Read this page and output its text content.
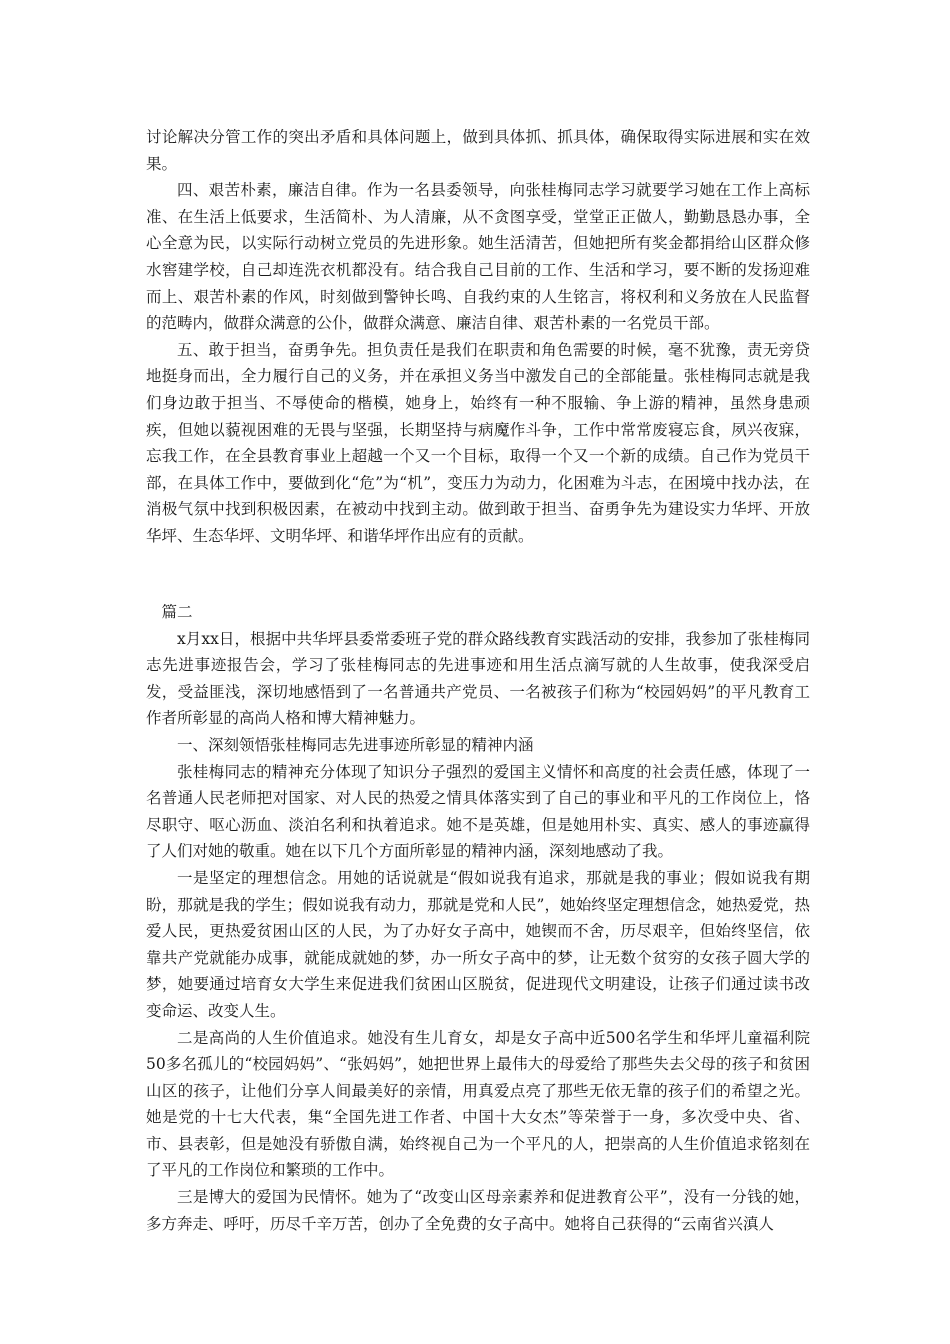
讨论解决分管工作的突出矛盾和具体问题上，做到具体抓、抓具体，确保取得实际进展和实在效果。

四、艰苦朴素，廉洁自律。作为一名县委领导，向张桂梅同志学习就要学习她在工作上高标准、在生活上低要求，生活简朴、为人清廉，从不贪图享受，堂堂正正做人，勤勤恳恳办事，全心全意为民，以实际行动树立党员的先进形象。她生活清苦，但她把所有奖金都捐给山区群众修水窖建学校，自己却连洗衣机都没有。结合我自己目前的工作、生活和学习，要不断的发扬迎难而上、艰苦朴素的作风，时刻做到警钟长鸣、自我约束的人生铭言，将权利和义务放在人民监督的范畴内，做群众满意的公仆，做群众满意、廉洁自律、艰苦朴素的一名党员干部。

五、敢于担当，奋勇争先。担负责任是我们在职责和角色需要的时候，毫不犹豫，责无旁贷地挺身而出，全力履行自己的义务，并在承担义务当中激发自己的全部能量。张桂梅同志就是我们身边敢于担当、不辱使命的楷模，她身上，始终有一种不服输、争上游的精神，虽然身患顽疾，但她以藐视困难的无畏与坚强，长期坚持与病魔作斗争，工作中常常废寝忘食，夙兴夜寐，忘我工作，在全县教育事业上超越一个又一个目标，取得一个又一个新的成绩。自己作为党员干部，在具体工作中，要做到化“危”为“机”，变压力为动力，化困难为斗志，在困境中找办法，在消极气氛中找到积极因素，在被动中找到主动。做到敢于担当、奋勇争先为建设实力华坪、开放华坪、生态华坪、文明华坪、和谐华坪作出应有的贡献。

篇二

x月xx日，根据中共华坪县委常委班子党的群众路线教育实践活动的安排，我参加了张桂梅同志先进事迹报告会，学习了张桂梅同志的先进事迹和用生活点滴写就的人生故事，使我深受启发，受益匪浅，深切地感悟到了一名普通共产党员、一名被孩子们称为“校园妈妈”的平凡教育工作者所彰显的高尚人格和博大精神魅力。

一、深刻领悟张桂梅同志先进事迹所彰显的精神内涵

张桂梅同志的精神充分体现了知识分子强烈的爱国主义情怀和高度的社会责任感，体现了一名普通人民老师把对国家、对人民的热爱之情具体落实到了自己的事业和平凡的工作岗位上，恪尽职守、呕心沥血、淡泊名利和执着追求。她不是英雄，但是她用朴实、真实、感人的事迹赢得了人们对她的敬重。她在以下几个方面所彰显的精神内涵，深刻地感动了我。

一是坚定的理想信念。用她的话说就是“假如说我有追求，那就是我的事业；假如说我有期盼，那就是我的学生；假如说我有动力，那就是党和人民”，她始终坚定理想信念，她热爱党，热爱人民，更热爱贫困山区的人民，为了办好女子高中，她锲而不舍，历尽艰辛，但始终坚信，依靠共产党就能办成事，就能成就她的梦，办一所女子高中的梦，让无数个贫穷的女孩子圆大学的梦，她要通过培育女大学生来促进我们贫困山区脱贫，促进现代文明建设，让孩子们通过读书改变命运、改变人生。

二是高尚的人生价值追求。她没有生儿育女，却是女子高中近500名学生和华坪儿童福利院50多名孤儿的“校园妈妈”、“张妈妈”，她把世界上最伟大的母爱给了那些失去父母的孩子和贫困山区的孩子，让他们分享人间最美好的亲情，用真爱点亮了那些无依无靠的孩子们的希望之光。她是党的十七大代表，集“全国先进工作者、中国十大女杰”等荣誉于一身，多次受中央、省、市、县表彰，但是她没有骄傲自满，始终视自己为一个平凡的人，把崇高的人生价值追求铭刻在了平凡的工作岗位和繁琐的工作中。

三是博大的爱国为民情怀。她为了“改变山区母亲素养和促进教育公平”，没有一分钱的她，多方奔走、呼吁，历尽千辛万苦，创办了全免费的女子高中。她将自己获得的“云南省兴滇人
